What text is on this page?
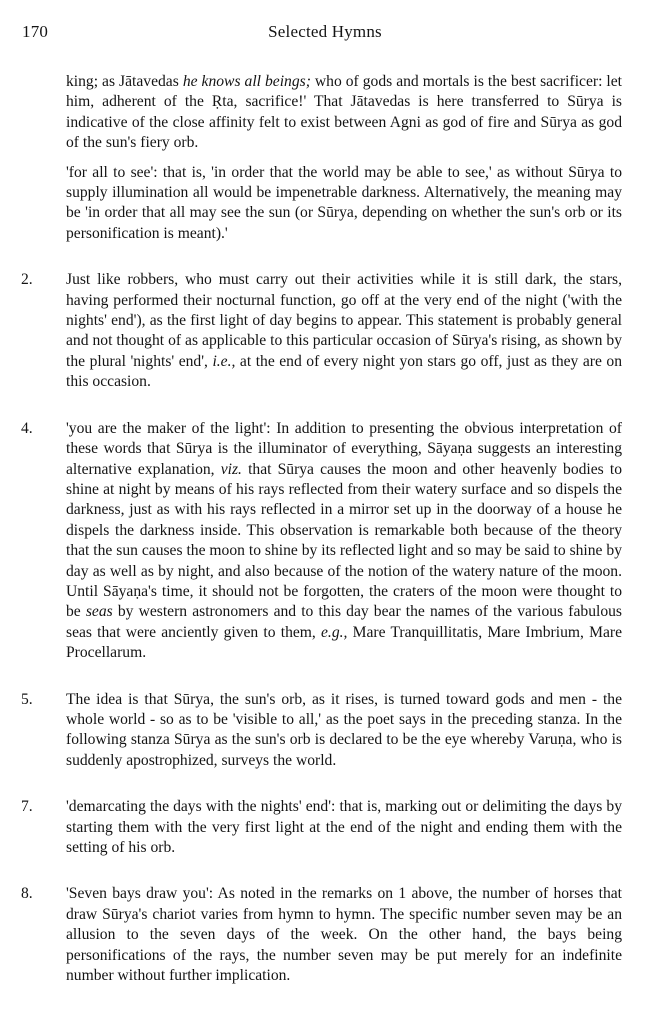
170	Selected Hymns

king; as Jātavedas he knows all beings; who of gods and mortals is the best sacrificer: let him, adherent of the Ṛta, sacrifice!' That Jātavedas is here transferred to Sūrya is indicative of the close affinity felt to exist between Agni as god of fire and Sūrya as god of the sun's fiery orb.

'for all to see': that is, 'in order that the world may be able to see,' as without Sūrya to supply illumination all would be impenetrable darkness. Alternatively, the meaning may be 'in order that all may see the sun (or Sūrya, depending on whether the sun's orb or its personification is meant).'

2. Just like robbers, who must carry out their activities while it is still dark, the stars, having performed their nocturnal function, go off at the very end of the night ('with the nights' end'), as the first light of day begins to appear. This statement is probably general and not thought of as applicable to this particular occasion of Sūrya's rising, as shown by the plural 'nights' end', i.e., at the end of every night yon stars go off, just as they are on this occasion.
4. 'you are the maker of the light': In addition to presenting the obvious interpretation of these words that Sūrya is the illuminator of everything, Sāyaṇa suggests an interesting alternative explanation, viz. that Sūrya causes the moon and other heavenly bodies to shine at night by means of his rays reflected from their watery surface and so dispels the darkness, just as with his rays reflected in a mirror set up in the doorway of a house he dispels the darkness inside. This observation is remarkable both because of the theory that the sun causes the moon to shine by its reflected light and so may be said to shine by day as well as by night, and also because of the notion of the watery nature of the moon. Until Sāyaṇa's time, it should not be forgotten, the craters of the moon were thought to be seas by western astronomers and to this day bear the names of the various fabulous seas that were anciently given to them, e.g., Mare Tranquillitatis, Mare Imbrium, Mare Procellarum.
5. The idea is that Sūrya, the sun's orb, as it rises, is turned toward gods and men - the whole world - so as to be 'visible to all,' as the poet says in the preceding stanza. In the following stanza Sūrya as the sun's orb is declared to be the eye whereby Varuṇa, who is suddenly apostrophized, surveys the world.
7. 'demarcating the days with the nights' end': that is, marking out or delimiting the days by starting them with the very first light at the end of the night and ending them with the setting of his orb.
8. 'Seven bays draw you': As noted in the remarks on 1 above, the number of horses that draw Sūrya's chariot varies from hymn to hymn. The specific number seven may be an allusion to the seven days of the week. On the other hand, the bays being personifications of the rays, the number seven may be put merely for an indefinite number without further implication.
